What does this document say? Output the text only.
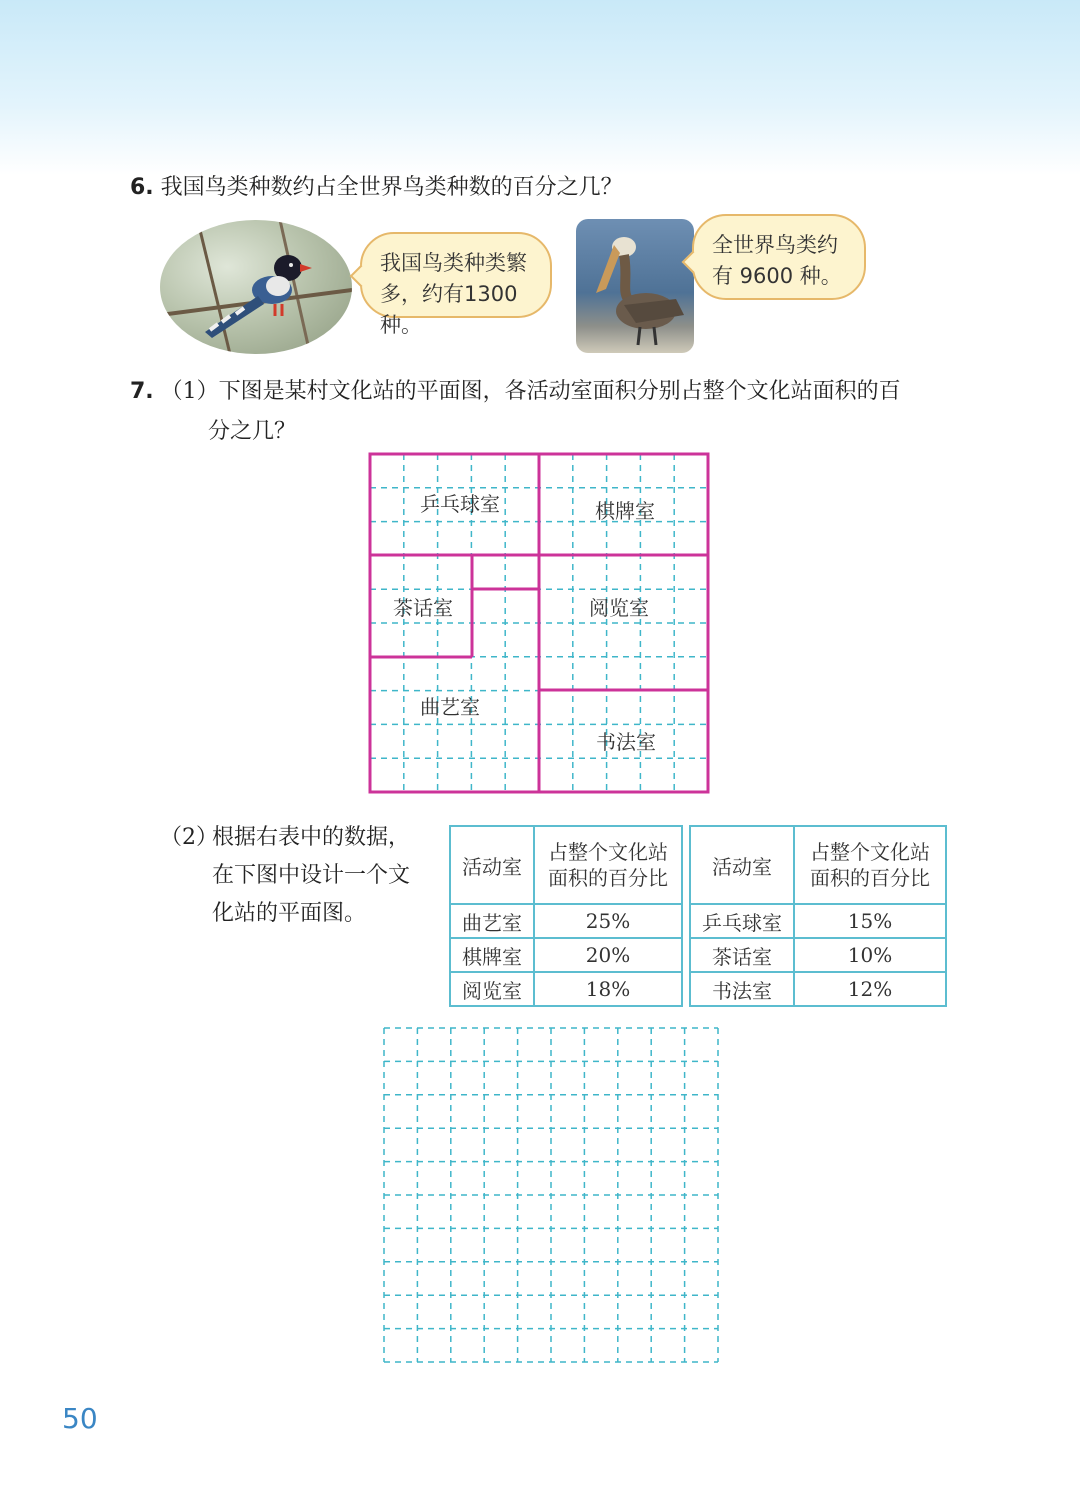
6. 我国鸟类种数约占全世界鸟类种数的百分之几？
我国鸟类种类繁
多，约有1300种。
全世界鸟类约
有 9600 种。
7. （1）下图是某村文化站的平面图，各活动室面积分别占整个文化站面积的百
分之几？
乒乓球室	棋牌室
茶话室	阅览室
曲艺室
书法室
（2）
根据右表中的数据，
在下图中设计一个文
化站的平面图。
活动室	占整个文化站
面积的百分比

曲艺室	25%
棋牌室	20%
阅览室	18%
活动室	占整个文化站
面积的百分比

乒乓球室	15%
茶话室	10%
书法室	12%
50
